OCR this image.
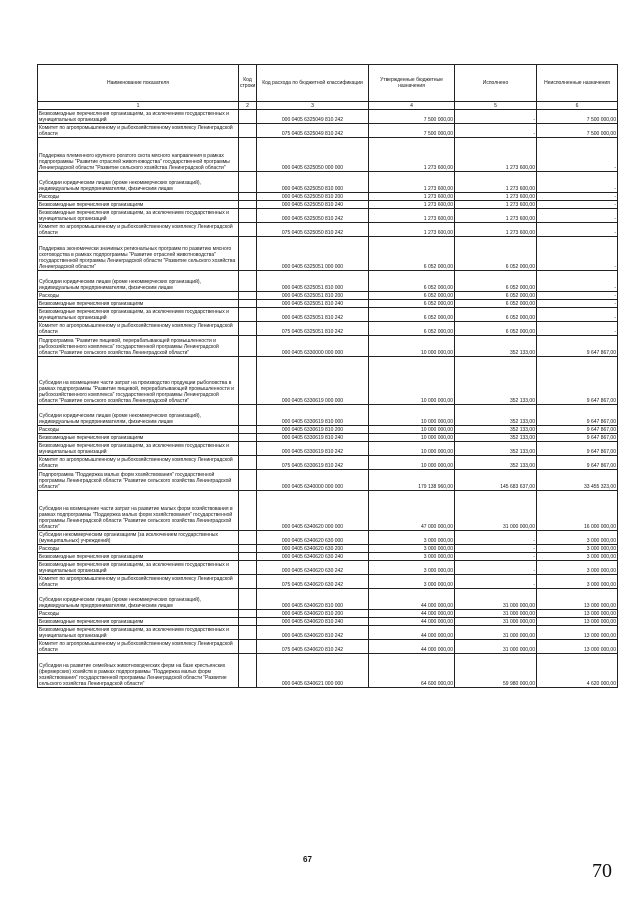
Наименование показателя	Код строки	Код расхода по бюджетной классификации	Утвержденные бюджетные назначения	Исполнено	Неисполненные назначения
1	2	3	4	5	6
Безвозмездные перечисления организациям, за исключением государственных и муниципальных организаций		000 0405 6325049 810 242	7 500 000,00	-	7 500 000,00
Комитет по агропромышленному и рыбохозяйственному комплексу Ленинградской области		075 0405 6325049 810 242	7 500 000,00	-	7 500 000,00
Поддержка племенного крупного рогатого скота мясного направления в рамках подпрограммы "Развитие отраслей животноводства" государственной программы Ленинградской области "Развитие сельского хозяйства Ленинградской области"		000 0405 6325050 000 000	1 273 600,00	1 273 600,00	-
Субсидии юридическим лицам (кроме некоммерческих организаций), индивидуальным предпринимателям, физическим лицам		000 0405 6325050 810 000	1 273 600,00	1 273 600,00	-
Расходы		000 0405 6325050 810 200	1 273 600,00	1 273 600,00	-
Безвозмездные перечисления организациям		000 0405 6325050 810 240	1 273 600,00	1 273 600,00	-
Безвозмездные перечисления организациям, за исключением государственных и муниципальных организаций		000 0405 6325050 810 242	1 273 600,00	1 273 600,00	-
Комитет по агропромышленному и рыбохозяйственному комплексу Ленинградской области		075 0405 6325050 810 242	1 273 600,00	1 273 600,00	-
Поддержка экономически значимых региональных программ по развитию мясного скотоводства в рамках подпрограммы "Развитие отраслей животноводства" государственной программы Ленинградской области "Развитие сельского хозяйства Ленинградской области"		000 0405 6325051 000 000	6 052 000,00	6 052 000,00	-
Субсидии юридическим лицам (кроме некоммерческих организаций), индивидуальным предпринимателям, физическим лицам		000 0405 6325051 810 000	6 052 000,00	6 052 000,00	-
Расходы		000 0405 6325051 810 200	6 052 000,00	6 052 000,00	-
Безвозмездные перечисления организациям		000 0405 6325051 810 240	6 052 000,00	6 052 000,00	-
Безвозмездные перечисления организациям, за исключением государственных и муниципальных организаций		000 0405 6325051 810 242	6 052 000,00	6 052 000,00	-
Комитет по агропромышленному и рыбохозяйственному комплексу Ленинградской области		075 0405 6325051 810 242	6 052 000,00	6 052 000,00	-
Подпрограмма "Развитие пищевой, перерабатывающей промышленности и рыбохозяйственного комплекса" государственной программы Ленинградской области "Развитие сельского хозяйства Ленинградской области"		000 0405 6330000 000 000	10 000 000,00	352 133,00	9 647 867,00
Субсидии на возмещение части затрат на производство продукции рыболовства в рамках подпрограммы "Развитие пищевой, перерабатывающей промышленности и рыбохозяйственного комплекса" государственной программы Ленинградской области "Развитие сельского хозяйства Ленинградской области"		000 0405 6330619 000 000	10 000 000,00	352 133,00	9 647 867,00
Субсидии юридическим лицам (кроме некоммерческих организаций), индивидуальным предпринимателям, физическим лицам		000 0405 6330619 810 000	10 000 000,00	352 133,00	9 647 867,00
Расходы		000 0405 6330619 810 200	10 000 000,00	352 133,00	9 647 867,00
Безвозмездные перечисления организациям		000 0405 6330619 810 240	10 000 000,00	352 133,00	9 647 867,00
Безвозмездные перечисления организациям, за исключением государственных и муниципальных организаций		000 0405 6330619 810 242	10 000 000,00	352 133,00	9 647 867,00
Комитет по агропромышленному и рыбохозяйственному комплексу Ленинградской области		075 0405 6330619 810 242	10 000 000,00	352 133,00	9 647 867,00
Подпрограмма "Поддержка малых форм хозяйствования" государственной программы Ленинградской области "Развитие сельского хозяйства Ленинградской области"		000 0405 6340000 000 000	179 138 960,00	145 683 637,00	33 455 323,00
Субсидии на возмещение части затрат на развитие малых форм хозяйствования в рамках подпрограммы "Поддержка малых форм хозяйствования" государственной программы Ленинградской области "Развитие сельского хозяйства Ленинградской области"		000 0405 6340620 000 000	47 000 000,00	31 000 000,00	16 000 000,00
Субсидии некоммерческим организациям (за исключением государственных (муниципальных) учреждений)		000 0405 6340620 630 000	3 000 000,00	-	3 000 000,00
Расходы		000 0405 6340620 630 200	3 000 000,00	-	3 000 000,00
Безвозмездные перечисления организациям		000 0405 6340620 630 240	3 000 000,00	-	3 000 000,00
Безвозмездные перечисления организациям, за исключением государственных и муниципальных организаций		000 0405 6340620 630 242	3 000 000,00	-	3 000 000,00
Комитет по агропромышленному и рыбохозяйственному комплексу Ленинградской области		075 0405 6340620 630 242	3 000 000,00	-	3 000 000,00
Субсидии юридическим лицам (кроме некоммерческих организаций), индивидуальным предпринимателям, физическим лицам		000 0405 6340620 810 000	44 000 000,00	31 000 000,00	13 000 000,00
Расходы		000 0405 6340620 810 200	44 000 000,00	31 000 000,00	13 000 000,00
Безвозмездные перечисления организациям		000 0405 6340620 810 240	44 000 000,00	31 000 000,00	13 000 000,00
Безвозмездные перечисления организациям, за исключением государственных и муниципальных организаций		000 0405 6340620 810 242	44 000 000,00	31 000 000,00	13 000 000,00
Комитет по агропромышленному и рыбохозяйственному комплексу Ленинградской области		075 0405 6340620 810 242	44 000 000,00	31 000 000,00	13 000 000,00
Субсидии на развитие семейных животноводческих ферм на базе крестьянских (фермерских) хозяйств в рамках подпрограммы "Поддержка малых форм хозяйствования" государственной программы Ленинградской области "Развитие сельского хозяйства Ленинградской области"		000 0405 6340621 000 000	64 600 000,00	59 980 000,00	4 620 000,00
67
70
